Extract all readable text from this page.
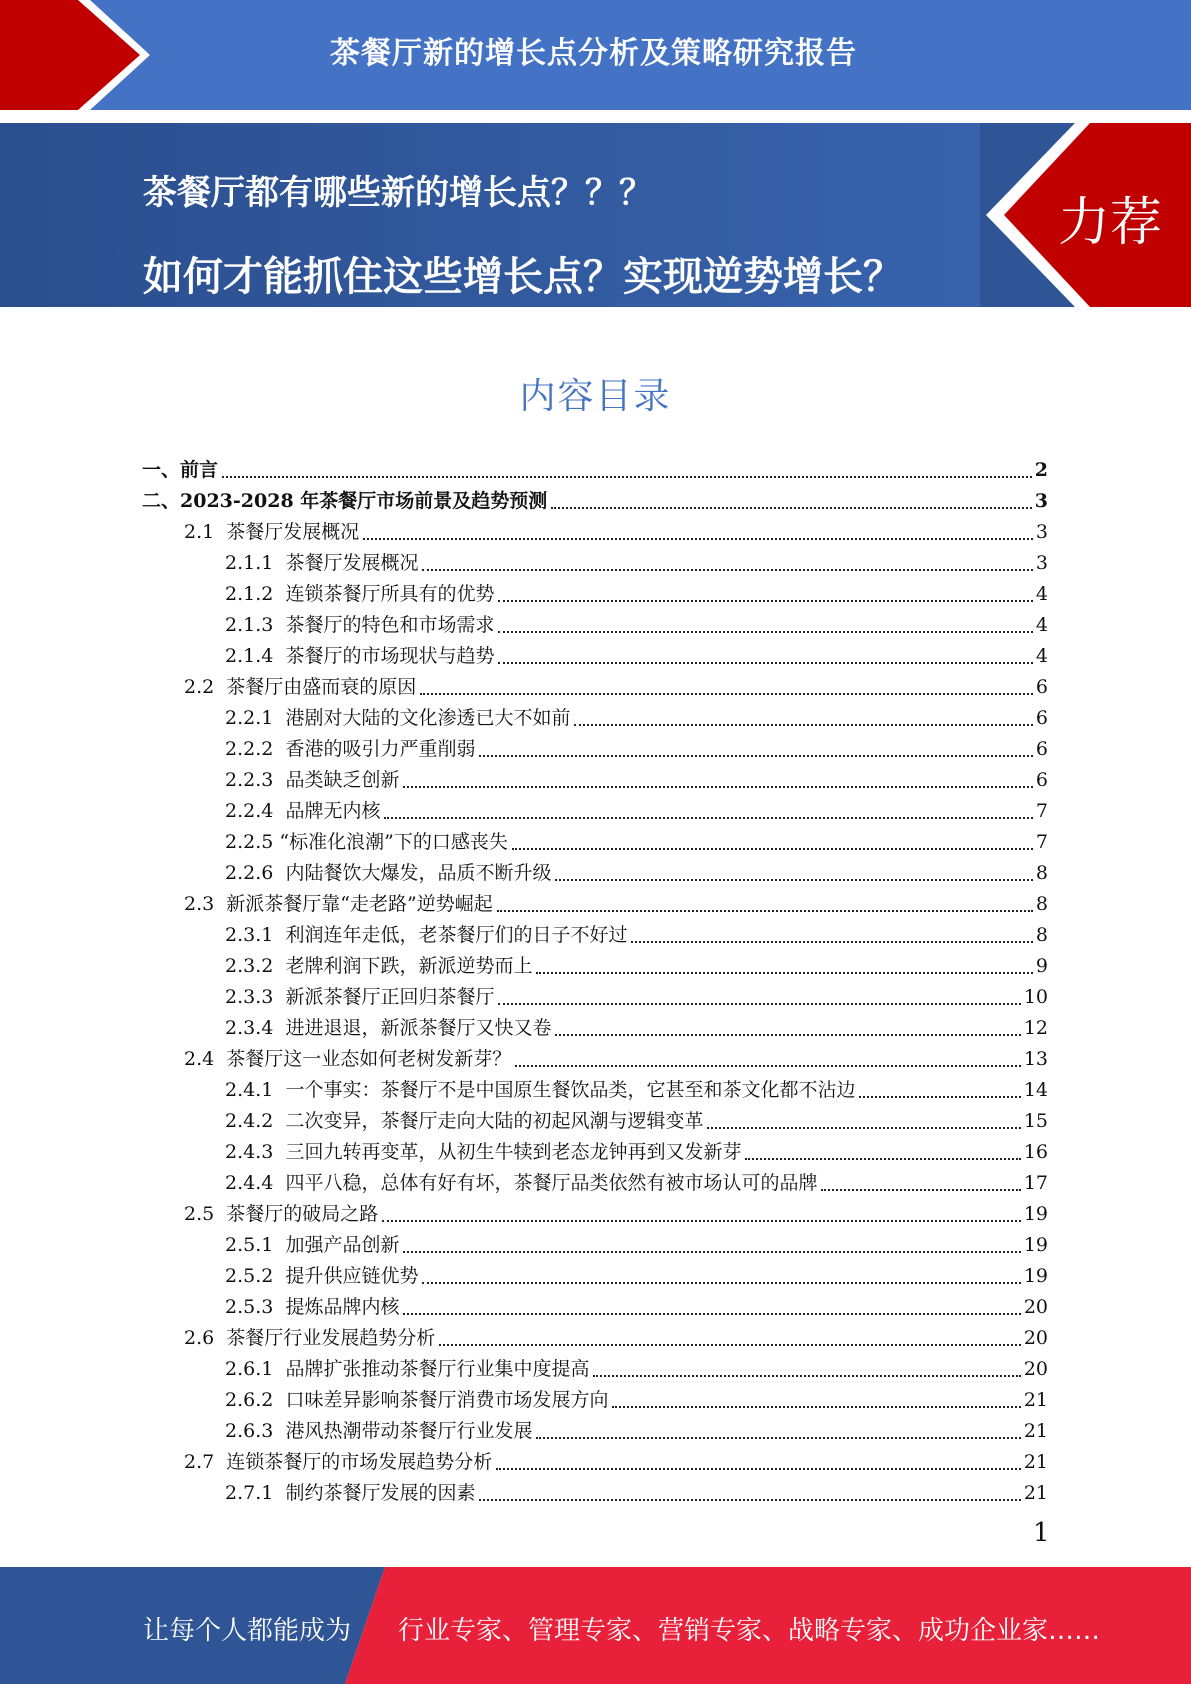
茶餐厅新的增长点分析及策略研究报告
茶餐厅都有哪些新的增长点？？？
如何才能抓住这些增长点？实现逆势增长？
力荐
内容目录
一、 前言	2
二、 2023-2028 年茶餐厅市场前景及趋势预测	3
2.1 茶餐厅发展概况	3
2.1.1 茶餐厅发展概况	3
2.1.2 连锁茶餐厅所具有的优势	4
2.1.3 茶餐厅的特色和市场需求	4
2.1.4 茶餐厅的市场现状与趋势	4
2.2 茶餐厅由盛而衰的原因	6
2.2.1 港剧对大陆的文化渗透已大不如前	6
2.2.2 香港的吸引力严重削弱	6
2.2.3 品类缺乏创新	6
2.2.4 品牌无内核	7
2.2.5 “标准化浪潮”下的口感丧失	7
2.2.6 内陆餐饮大爆发，品质不断升级	8
2.3 新派茶餐厅靠“走老路”逆势崛起	8
2.3.1 利润连年走低，老茶餐厅们的日子不好过	8
2.3.2 老牌利润下跌，新派逆势而上	9
2.3.3 新派茶餐厅正回归茶餐厅	10
2.3.4 进进退退，新派茶餐厅又快又卷	12
2.4 茶餐厅这一业态如何老树发新芽？	13
2.4.1 一个事实：茶餐厅不是中国原生餐饮品类，它甚至和茶文化都不沾边	14
2.4.2 二次变异，茶餐厅走向大陆的初起风潮与逻辑变革	15
2.4.3 三回九转再变革，从初生牛犊到老态龙钟再到又发新芽	16
2.4.4 四平八稳，总体有好有坏，茶餐厅品类依然有被市场认可的品牌	17
2.5 茶餐厅的破局之路	19
2.5.1 加强产品创新	19
2.5.2 提升供应链优势	19
2.5.3 提炼品牌内核	20
2.6 茶餐厅行业发展趋势分析	20
2.6.1 品牌扩张推动茶餐厅行业集中度提高	20
2.6.2 口味差异影响茶餐厅消费市场发展方向	21
2.6.3 港风热潮带动茶餐厅行业发展	21
2.7 连锁茶餐厅的市场发展趋势分析	21
2.7.1 制约茶餐厅发展的因素	21
1
让每个人都能成为 行业专家、管理专家、营销专家、战略专家、成功企业家……
